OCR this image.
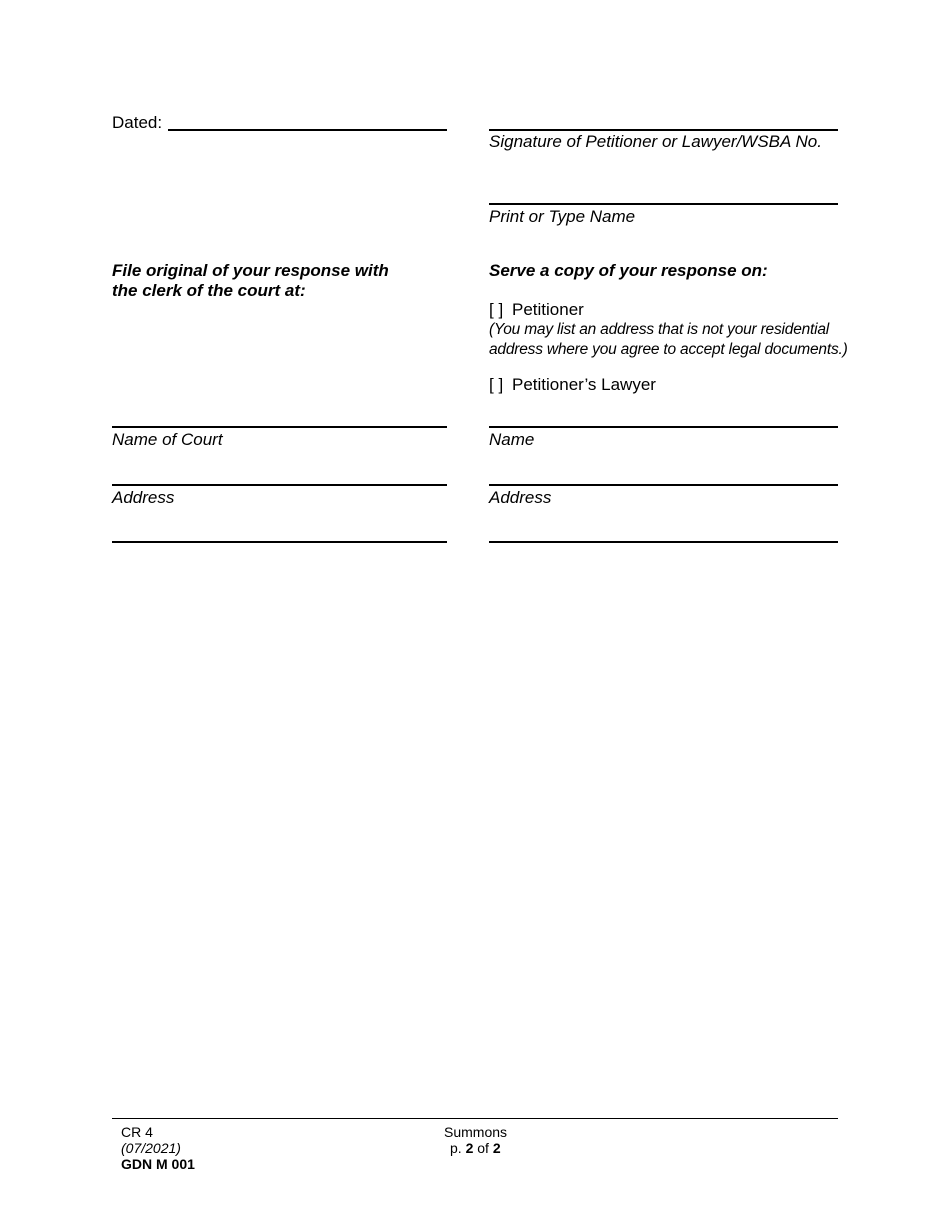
Dated:
File original of your response with
the clerk of the court at:
Name of Court
Address
Signature of Petitioner or Lawyer/WSBA No.
Print or Type Name
Serve a copy of your response on:
[ ] Petitioner
(You may list an address that is not your residential
address where you agree to accept legal documents.)
[ ] Petitioner’s Lawyer
Name
Address
CR 4
(07/2021)
GDN M 001
Summons
p. 2 of 2
